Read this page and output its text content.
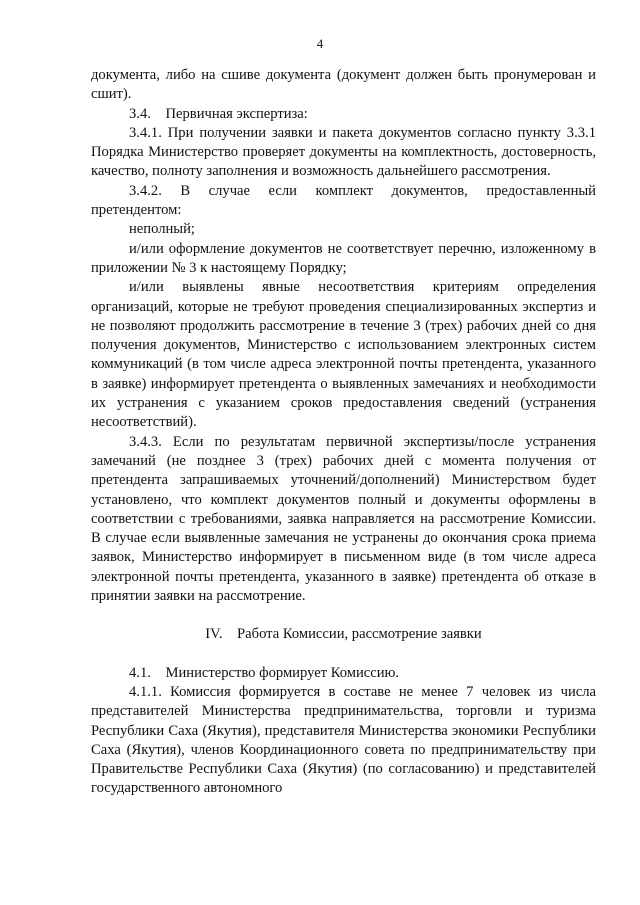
4

документа, либо на сшиве документа (документ должен быть пронумерован и сшит).

3.4. Первичная экспертиза:

3.4.1. При получении заявки и пакета документов согласно пункту 3.3.1 Порядка Министерство проверяет документы на комплектность, достоверность, качество, полноту заполнения и возможность дальнейшего рассмотрения.

3.4.2. В случае если комплект документов, предоставленный претендентом:

неполный;

и/или оформление документов не соответствует перечню, изложенному в приложении № 3 к настоящему Порядку;

и/или выявлены явные несоответствия критериям определения организаций, которые не требуют проведения специализированных экспертиз и не позволяют продолжить рассмотрение в течение 3 (трех) рабочих дней со дня получения документов, Министерство с использованием электронных систем коммуникаций (в том числе адреса электронной почты претендента, указанного в заявке) информирует претендента о выявленных замечаниях и необходимости их устранения с указанием сроков предоставления сведений (устранения несоответствий).

3.4.3. Если по результатам первичной экспертизы/после устранения замечаний (не позднее 3 (трех) рабочих дней с момента получения от претендента запрашиваемых уточнений/дополнений) Министерством будет установлено, что комплект документов полный и документы оформлены в соответствии с требованиями, заявка направляется на рассмотрение Комиссии. В случае если выявленные замечания не устранены до окончания срока приема заявок, Министерство информирует в письменном виде (в том числе адреса электронной почты претендента, указанного в заявке) претендента об отказе в принятии заявки на рассмотрение.

IV. Работа Комиссии, рассмотрение заявки

4.1. Министерство формирует Комиссию.

4.1.1. Комиссия формируется в составе не менее 7 человек из числа представителей Министерства предпринимательства, торговли и туризма Республики Саха (Якутия), представителя Министерства экономики Республики Саха (Якутия), членов Координационного совета по предпринимательству при Правительстве Республики Саха (Якутия) (по согласованию) и представителей государственного автономного
